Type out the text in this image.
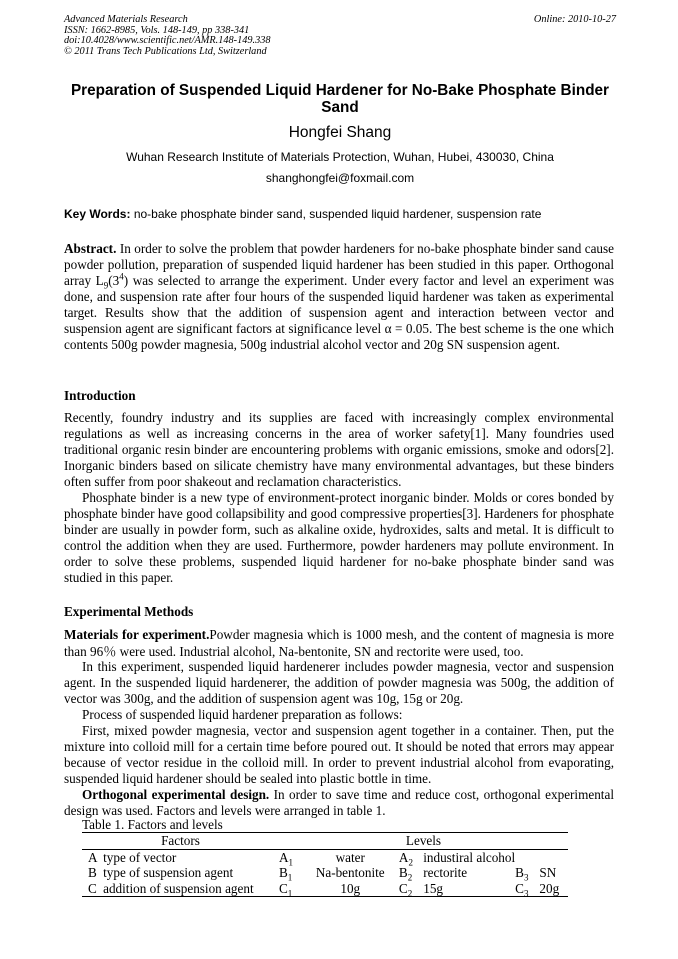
Advanced Materials Research
ISSN: 1662-8985, Vols. 148-149, pp 338-341
doi:10.4028/www.scientific.net/AMR.148-149.338
© 2011 Trans Tech Publications Ltd, Switzerland
Online: 2010-10-27
Preparation of Suspended Liquid Hardener for No-Bake Phosphate Binder Sand
Hongfei Shang
Wuhan Research Institute of Materials Protection, Wuhan, Hubei, 430030, China
shanghongfei@foxmail.com
Key Words: no-bake phosphate binder sand, suspended liquid hardener, suspension rate
Abstract. In order to solve the problem that powder hardeners for no-bake phosphate binder sand cause powder pollution, preparation of suspended liquid hardener has been studied in this paper. Orthogonal array $L_9(3^4)$ was selected to arrange the experiment. Under every factor and level an experiment was done, and suspension rate after four hours of the suspended liquid hardener was taken as experimental target. Results show that the addition of suspension agent and interaction between vector and suspension agent are significant factors at significance level α = 0.05. The best scheme is the one which contents 500g powder magnesia, 500g industrial alcohol vector and 20g SN suspension agent.
Introduction
Recently, foundry industry and its supplies are faced with increasingly complex environmental regulations as well as increasing concerns in the area of worker safety[1]. Many foundries used traditional organic resin binder are encountering problems with organic emissions, smoke and odors[2]. Inorganic binders based on silicate chemistry have many environmental advantages, but these binders often suffer from poor shakeout and reclamation characteristics.
Phosphate binder is a new type of environment-protect inorganic binder. Molds or cores bonded by phosphate binder have good collapsibility and good compressive properties[3]. Hardeners for phosphate binder are usually in powder form, such as alkaline oxide, hydroxides, salts and metal. It is difficult to control the addition when they are used. Furthermore, powder hardeners may pollute environment. In order to solve these problems, suspended liquid hardener for no-bake phosphate binder sand was studied in this paper.
Experimental Methods
Materials for experiment.Powder magnesia which is 1000 mesh, and the content of magnesia is more than 96％ were used. Industrial alcohol, Na-bentonite, SN and rectorite were used, too.
In this experiment, suspended liquid hardenerer includes powder magnesia, vector and suspension agent. In the suspended liquid hardenerer, the addition of powder magnesia was 500g, the addition of vector was 300g, and the addition of suspension agent was 10g, 15g or 20g.
Process of suspended liquid hardener preparation as follows:
First, mixed powder magnesia, vector and suspension agent together in a container. Then, put the mixture into colloid mill for a certain time before poured out. It should be noted that errors may appear because of vector residue in the colloid mill. In order to prevent industrial alcohol from evaporating, suspended liquid hardener should be sealed into plastic bottle in time.
Orthogonal experimental design. In order to save time and reduce cost, orthogonal experimental design was used. Factors and levels were arranged in table 1.
Table 1. Factors and levels
Factors		Levels					
A	type of vector	$A_1$	water	$A_2$	industiral alcohol		
B	type of suspension agent	$B_1$	Na-bentonite	$B_2$	rectorite	$B_3$	SN
C	addition of suspension agent	$C_1$	10g	$C_2$	15g	$C_3$	20g
